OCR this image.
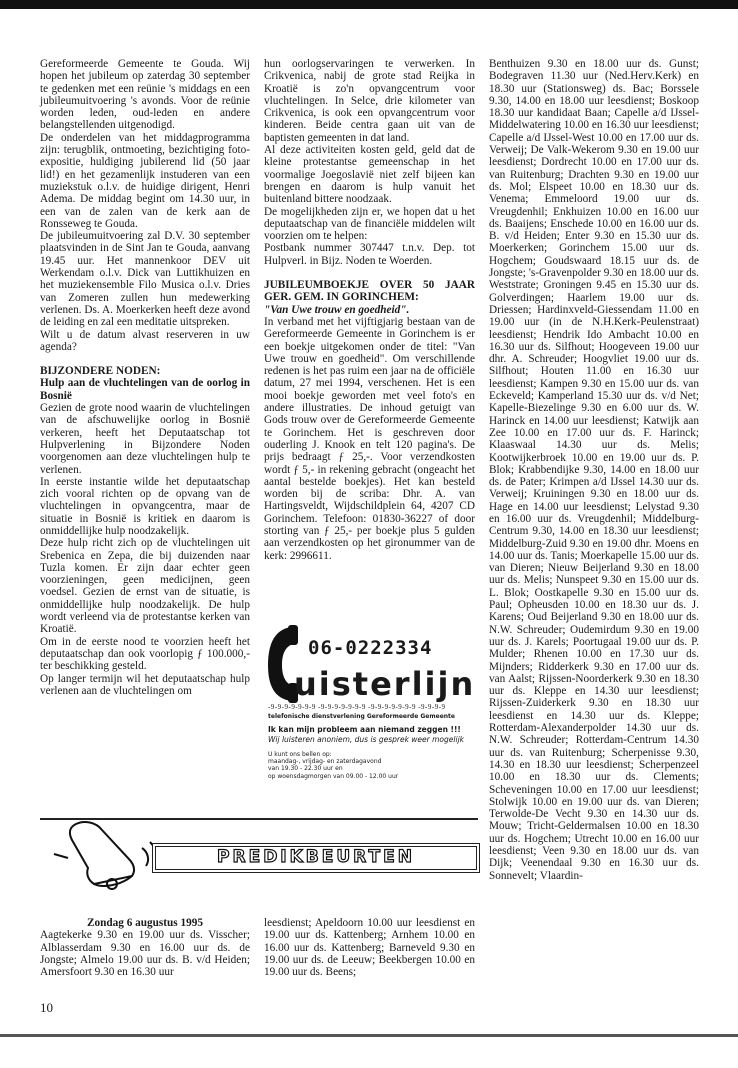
Gereformeerde Gemeente te Gouda. Wij hopen het jubileum op zaterdag 30 september te gedenken met een reünie 's middags en een jubileumuitvoering 's avonds. Voor de reünie worden leden, oud-leden en andere belangstellenden uitgenodigd.

De onderdelen van het middagprogramma zijn: terugblik, ontmoeting, bezichtiging foto-expositie, huldiging jubilerend lid (50 jaar lid!) en het gezamenlijk instuderen van een muziekstuk o.l.v. de huidige dirigent, Henri Adema. De middag begint om 14.30 uur, in een van de zalen van de kerk aan de Ronsseweg te Gouda.

De jubileumuitvoering zal D.V. 30 september plaatsvinden in de Sint Jan te Gouda, aanvang 19.45 uur. Het mannenkoor DEV uit Werkendam o.l.v. Dick van Luttikhuizen en het muziekensemble Filo Musica o.l.v. Dries van Zomeren zullen hun medewerking verlenen. Ds. A. Moerkerken heeft deze avond de leiding en zal een meditatie uitspreken.

Wilt u de datum alvast reserveren in uw agenda?

BIJZONDERE NODEN:

Hulp aan de vluchtelingen van de oorlog in Bosnië

Gezien de grote nood waarin de vluchtelingen van de afschuwelijke oorlog in Bosnië verkeren, heeft het Deputaatschap tot Hulpverlening in Bijzondere Noden voorgenomen aan deze vluchtelingen hulp te verlenen.

In eerste instantie wilde het deputaatschap zich vooral richten op de opvang van de vluchtelingen in opvangcentra, maar de situatie in Bosnië is kritiek en daarom is onmiddellijke hulp noodzakelijk.

Deze hulp richt zich op de vluchtelingen uit Srebenica en Zepa, die bij duizenden naar Tuzla komen. Er zijn daar echter geen voorzieningen, geen medicijnen, geen voedsel. Gezien de ernst van de situatie, is onmiddellijke hulp noodzakelijk. De hulp wordt verleend via de protestantse kerken van Kroatië.

Om in de eerste nood te voorzien heeft het deputaatschap dan ook voorlopig ƒ 100.000,- ter beschikking gesteld.

Op langer termijn wil het deputaatschap hulp verlenen aan de vluchtelingen om

hun oorlogservaringen te verwerken. In Crikvenica, nabij de grote stad Reijka in Kroatië is zo'n opvangcentrum voor vluchtelingen. In Selce, drie kilometer van Crikvenica, is ook een opvangcentrum voor kinderen. Beide centra gaan uit van de baptisten gemeenten in dat land.

Al deze activiteiten kosten geld, geld dat de kleine protestantse gemeenschap in het voormalige Joegoslavië niet zelf bijeen kan brengen en daarom is hulp vanuit het buitenland bittere noodzaak.

De mogelijkheden zijn er, we hopen dat u het deputaatschap van de financiële middelen wilt voorzien om te helpen:

Postbank nummer 307447 t.n.v. Dep. tot Hulpverl. in Bijz. Noden te Woerden.

JUBILEUMBOEKJE OVER 50 JAAR GER. GEM. IN GORINCHEM:

"Van Uwe trouw en goedheid".

In verband met het vijftigjarig bestaan van de Gereformeerde Gemeente in Gorinchem is er een boekje uitgekomen onder de titel: "Van Uwe trouw en goedheid". Om verschillende redenen is het pas ruim een jaar na de officiële datum, 27 mei 1994, verschenen. Het is een mooi boekje geworden met veel foto's en andere illustraties. De inhoud getuigt van Gods trouw over de Gereformeerde Gemeente te Gorinchem. Het is geschreven door ouderling J. Knook en telt 120 pagina's. De prijs bedraagt ƒ 25,-. Voor verzendkosten wordt ƒ 5,- in rekening gebracht (ongeacht het aantal bestelde boekjes). Het kan besteld worden bij de scriba: Dhr. A. van Hartingsveldt, Wijdschildplein 64, 4207 CD Gorinchem. Telefoon: 01830-36227 of door storting van ƒ 25,- per boekje plus 5 gulden aan verzendkosten op het gironummer van de kerk: 2996611.

06-0222334
uisterlijn
-9-9-9-9-9-9-9 -9-9-9-9-9-9-9 -9-9-9-9-9-9-9 -9-9-9-9
telefonische dienstverlening Gereformeerde Gemeente
Ik kan mijn probleem aan niemand zeggen !!!
Wij luisteren anoniem, dus is gesprek weer mogelijk
U kunt ons bellen op:
maandag-, vrijdag- en zaterdagavond
van 19.30 - 22.30 uur en
op woensdagmorgen van 09.00 - 12.00 uur

Benthuizen 9.30 en 18.00 uur ds. Gunst; Bodegraven 11.30 uur (Ned.Herv.Kerk) en 18.30 uur (Stationsweg) ds. Bac; Borssele 9.30, 14.00 en 18.00 uur leesdienst; Boskoop 18.30 uur kandidaat Baan; Capelle a/d IJssel-Middelwatering 10.00 en 16.30 uur leesdienst; Capelle a/d IJssel-West 10.00 en 17.00 uur ds. Verweij; De Valk-Wekerom 9.30 en 19.00 uur leesdienst; Dordrecht 10.00 en 17.00 uur ds. van Ruitenburg; Drachten 9.30 en 19.00 uur ds. Mol; Elspeet 10.00 en 18.30 uur ds. Venema; Emmeloord 19.00 uur ds. Vreugdenhil; Enkhuizen 10.00 en 16.00 uur ds. Baaijens; Enschede 10.00 en 16.00 uur ds. B. v/d Heiden; Enter 9.30 en 15.30 uur ds. Moerkerken; Gorinchem 15.00 uur ds. Hogchem; Goudswaard 18.15 uur ds. de Jongste; 's-Gravenpolder 9.30 en 18.00 uur ds. Weststrate; Groningen 9.45 en 15.30 uur ds. Golverdingen; Haarlem 19.00 uur ds. Driessen; Hardinxveld-Giessendam 11.00 en 19.00 uur (in de N.H.Kerk-Peulenstraat) leesdienst; Hendrik Ido Ambacht 10.00 en 16.30 uur ds. Silfhout; Hoogeveen 19.00 uur dhr. A. Schreuder; Hoogvliet 19.00 uur ds. Silfhout; Houten 11.00 en 16.30 uur leesdienst; Kampen 9.30 en 15.00 uur ds. van Eckeveld; Kamperland 15.30 uur ds. v/d Net; Kapelle-Biezelinge 9.30 en 6.00 uur ds. W. Harinck en 14.00 uur leesdienst; Katwijk aan Zee 10.00 en 17.00 uur ds. F. Harinck; Klaaswaal 14.30 uur ds. Melis; Kootwijkerbroek 10.00 en 19.00 uur ds. P. Blok; Krabbendijke 9.30, 14.00 en 18.00 uur ds. de Pater; Krimpen a/d IJssel 14.30 uur ds. Verweij; Kruiningen 9.30 en 18.00 uur ds. Hage en 14.00 uur leesdienst; Lelystad 9.30 en 16.00 uur ds. Vreugdenhil; Middelburg-Centrum 9.30, 14.00 en 18.30 uur leesdienst; Middelburg-Zuid 9.30 en 19.00 dhr. Moens en 14.00 uur ds. Tanis; Moerkapelle 15.00 uur ds. van Dieren; Nieuw Beijerland 9.30 en 18.00 uur ds. Melis; Nunspeet 9.30 en 15.00 uur ds. L. Blok; Oostkapelle 9.30 en 15.00 uur ds. Paul; Opheusden 10.00 en 18.30 uur ds. J. Karens; Oud Beijerland 9.30 en 18.00 uur ds. N.W. Schreuder; Oudemirdum 9.30 en 19.00 uur ds. J. Karels; Poortugaal 19.00 uur ds. P. Mulder; Rhenen 10.00 en 17.30 uur ds. Mijnders; Ridderkerk 9.30 en 17.00 uur ds. van Aalst; Rijssen-Noorderkerk 9.30 en 18.30 uur ds. Kleppe en 14.30 uur leesdienst; Rijssen-Zuiderkerk 9.30 en 18.30 uur leesdienst en 14.30 uur ds. Kleppe; Rotterdam-Alexanderpolder 14.30 uur ds. N.W. Schreuder; Rotterdam-Centrum 14.30 uur ds. van Ruitenburg; Scherpenisse 9.30, 14.30 en 18.30 uur leesdienst; Scherpenzeel 10.00 en 18.30 uur ds. Clements; Scheveningen 10.00 en 17.00 uur leesdienst; Stolwijk 10.00 en 19.00 uur ds. van Dieren; Terwolde-De Vecht 9.30 en 14.30 uur ds. Mouw; Tricht-Geldermalsen 10.00 en 18.30 uur ds. Hogchem; Utrecht 10.00 en 16.00 uur leesdienst; Veen 9.30 en 18.00 uur ds. van Dijk; Veenendaal 9.30 en 16.30 uur ds. Sonnevelt; Vlaardin-

PREDIKBEURTEN

Zondag 6 augustus 1995

Aagtekerke 9.30 en 19.00 uur ds. Visscher; Alblasserdam 9.30 en 16.00 uur ds. de Jongste; Almelo 19.00 uur ds. B. v/d Heiden; Amersfoort 9.30 en 16.30 uur

leesdienst; Apeldoorn 10.00 uur leesdienst en 19.00 uur ds. Kattenberg; Arnhem 10.00 en 16.00 uur ds. Kattenberg; Barneveld 9.30 en 19.00 uur ds. de Leeuw; Beekbergen 10.00 en 19.00 uur ds. Beens;

10
